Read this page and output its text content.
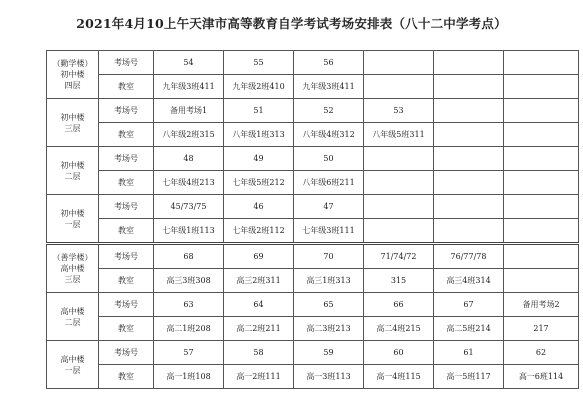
2021年4月10上午天津市高等教育自学考试考场安排表（八十二中学考点）
（勤学楼）
初中楼
四层	考场号	54	55	56			
	教室	九年级3班411	九年级2班410	九年级3班411			
初中楼
三层	考场号	备用考场1	51	52	53		
	教室	八年级2班315	八年级1班313	八年级4班312	八年级5班311		
初中楼
二层	考场号	48	49	50			
	教室	七年级4班213	七年级5班212	八年级6班211			
初中楼
一层	考场号	45/73/75	46	47			
	教室	七年级1班113	七年级2班112	七年级3班111			
（善学楼）
高中楼
三层	考场号	68	69	70	71/74/72	76/77/78	
	教室	高三3班308	高三2班311	高三1班313	315	高三4班314	
高中楼
二层	考场号	63	64	65	66	67	备用考场2
	教室	高二1班208	高二2班211	高二3班213	高二4班215	高二5班214	217
高中楼
一层	考场号	57	58	59	60	61	62
	教室	高一1班108	高一2班111	高一3班113	高一4班115	高一5班117	高一6班114
